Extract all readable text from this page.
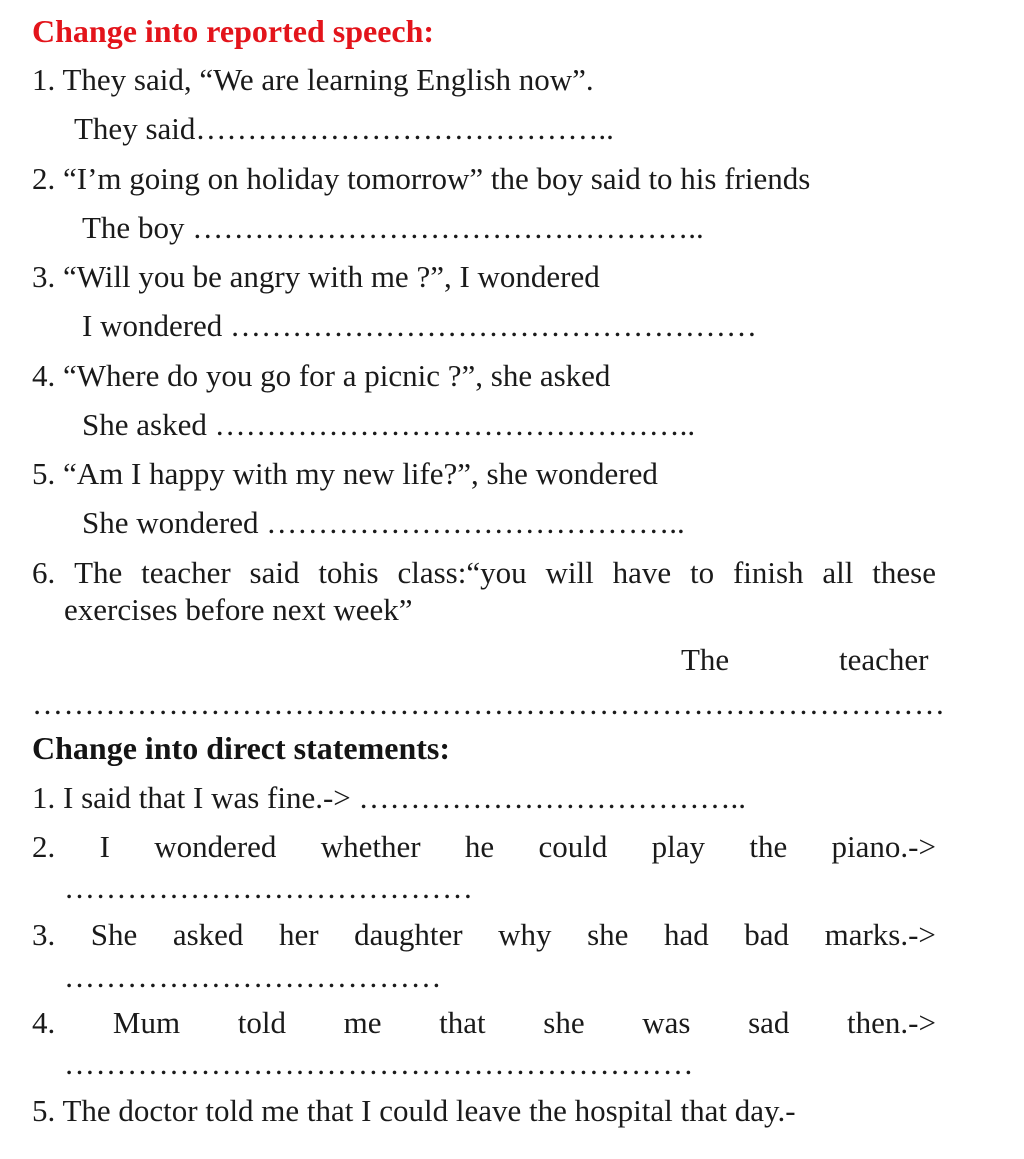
Change into reported speech:
1. They said, “We are learning English now”.
They said…………………………………..
2. “I’m going on holiday tomorrow” the boy said to his friends
The boy …………………………………………..
3. “Will you be angry with me ?”, I wondered
I wondered ……………………………………………
4. “Where do you go for a picnic ?”, she asked
She asked ………………………………………..
5. “Am I happy with my new life?”, she wondered
She wondered …………………………………..
6. The teacher said tohis class:“you will have to finish all these
exercises before next week”
The	teacher
……………………………………………………………………………
Change into direct statements:
1. I said that I was fine.-> ………………………………..
2. I wondered whether he could play the piano.->
…………………………………
3. She asked her daughter why she had bad marks.->
………………………………
4. Mum told me that she was sad then.->
……………………………………………………
5. The doctor told me that I could leave the hospital that day.-
